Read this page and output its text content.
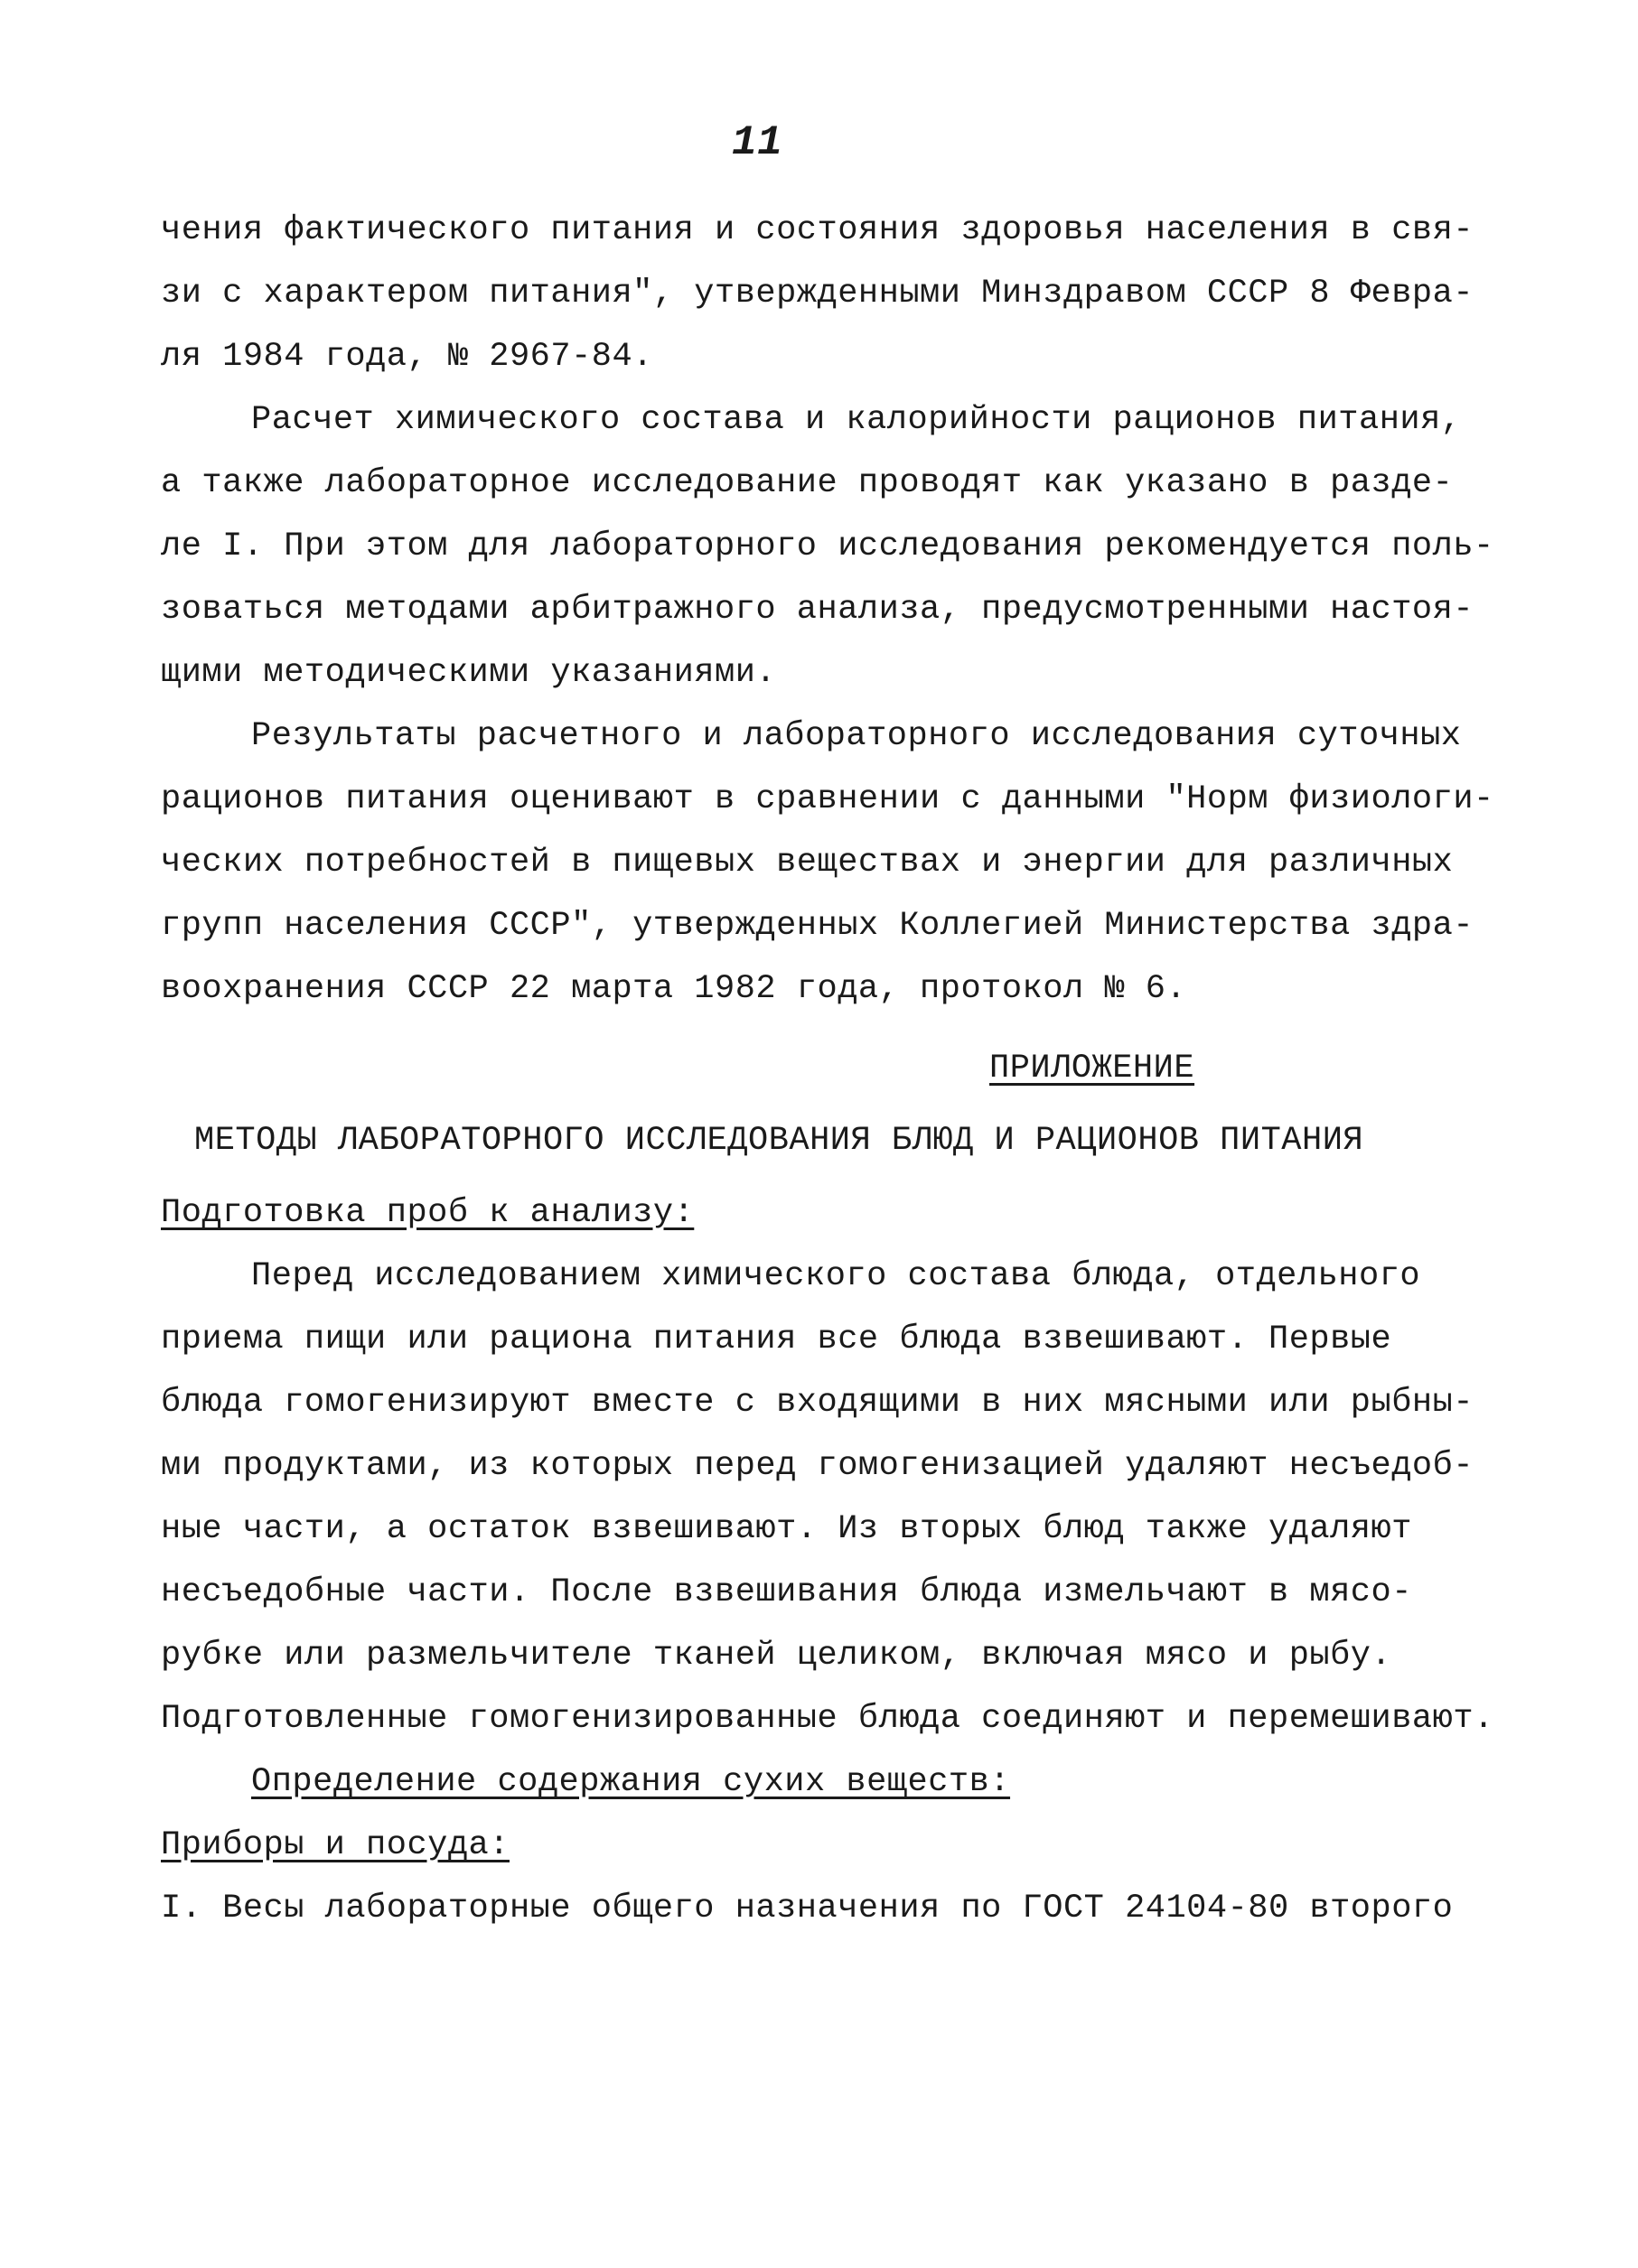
11
чения фактического питания и состояния здоровья населения в свя-
зи с характером питания", утвержденными Минздравом СССР 8 Февра-
ля 1984 года, № 2967-84.
Расчет химического состава и калорийности рационов питания,
а также лабораторное исследование проводят как указано в разде-
ле I. При этом для лабораторного исследования рекомендуется поль-
зоваться методами арбитражного анализа, предусмотренными настоя-
щими методическими указаниями.
Результаты расчетного и лабораторного исследования суточных
рационов питания оценивают в сравнении с данными "Норм физиологи-
ческих потребностей в пищевых веществах и энергии для различных
групп населения СССР", утвержденных Коллегией Министерства здра-
воохранения СССР 22 марта 1982 года, протокол № 6.
ПРИЛОЖЕНИЕ
МЕТОДЫ ЛАБОРАТОРНОГО ИССЛЕДОВАНИЯ БЛЮД И РАЦИОНОВ ПИТАНИЯ
Подготовка проб к анализу:
Перед исследованием химического состава блюда, отдельного
приема пищи или рациона питания все блюда взвешивают. Первые
блюда гомогенизируют вместе с входящими в них мясными или рыбны-
ми продуктами, из которых перед гомогенизацией удаляют несъедоб-
ные части, а остаток взвешивают. Из вторых блюд также удаляют
несъедобные части. После взвешивания блюда измельчают в мясо-
рубке или размельчителе тканей целиком, включая мясо и рыбу.
Подготовленные гомогенизированные блюда соединяют и перемешивают.
Определение содержания сухих веществ:
Приборы и посуда:
I. Весы лабораторные общего назначения по ГОСТ 24104-80 второго
